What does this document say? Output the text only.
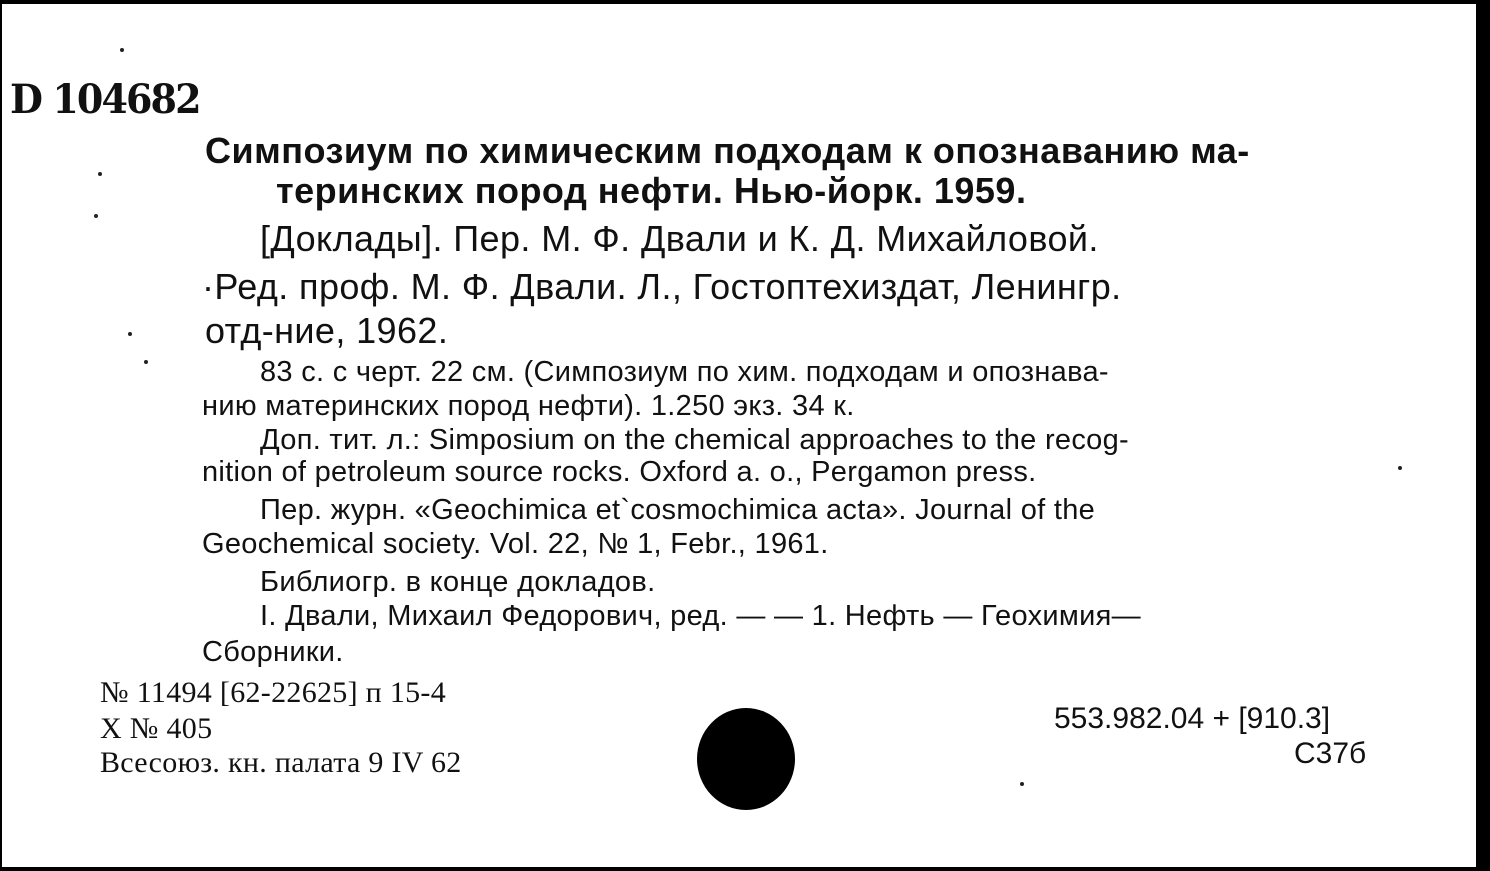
D 104682
Симпозиум по химическим подходам к опознаванию ма-
теринских пород нефти. Нью-йорк. 1959.
[Доклады]. Пер. М. Ф. Двали и К. Д. Михайловой.
·Ред. проф. М. Ф. Двали. Л., Гостоптехиздат, Ленингр.
отд-ние, 1962.
83 с. с черт. 22 см. (Симпозиум по хим. подходам и опознава-
нию материнских пород нефти). 1.250 экз. 34 к.
Доп. тит. л.: Simposium on the chemical approaches to the recog-
nition of petroleum source rocks. Oxford a. o., Pergamon press.
Пер. журн. «Geochimica et`cosmochimica acta». Journal of the
Geochemical society. Vol. 22, № 1, Febr., 1961.
Библиогр. в конце докладов.
I. Двали, Михаил Федорович, ред. — — 1. Нефть — Геохимия—
Сборники.
№ 11494 [62-22625] п 15-4
X № 405
Всесоюз. кн. палата 9 IV 62
553.982.04 + [910.3]
С37б
